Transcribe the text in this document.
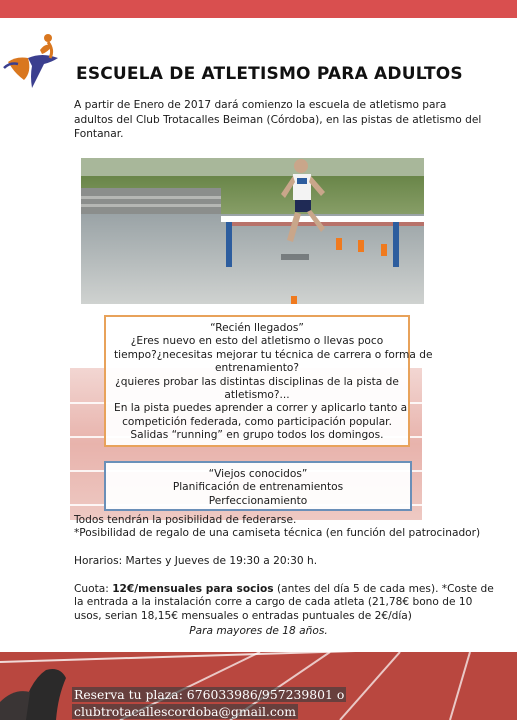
ESCUELA DE ATLETISMO PARA ADULTOS
A partir de Enero de 2017 dará comienzo la escuela de atletismo para adultos del Club Trotacalles Beiman (Córdoba), en las pistas de atletismo del Fontanar.
“Recién llegados”
¿Eres nuevo en esto del atletismo o llevas poco
tiempo?¿necesitas mejorar tu técnica de carrera o forma de
entrenamiento?
¿quieres probar las distintas disciplinas de la pista de
atletismo?...
En la pista puedes aprender a correr y aplicarlo tanto a
competición federada, como participación popular.
Salidas “running” en grupo todos los domingos.
“Viejos conocidos”
Planificación de entrenamientos
Perfeccionamiento
Todos tendrán la posibilidad de federarse.
*Posibilidad de regalo de una camiseta técnica (en función del patrocinador)
Horarios: Martes y Jueves de 19:30 a 20:30 h.
Cuota: 12€/mensuales para socios (antes del día 5 de cada mes). *Coste de la entrada a la instalación corre a cargo de cada atleta (21,78€ bono de 10 usos, serian 18,15€ mensuales o entradas puntuales de 2€/día)
Para mayores de 18 años.
Reserva tu plaza: 676033986/957239801 o
clubtrotacallescordoba@gmail.com
